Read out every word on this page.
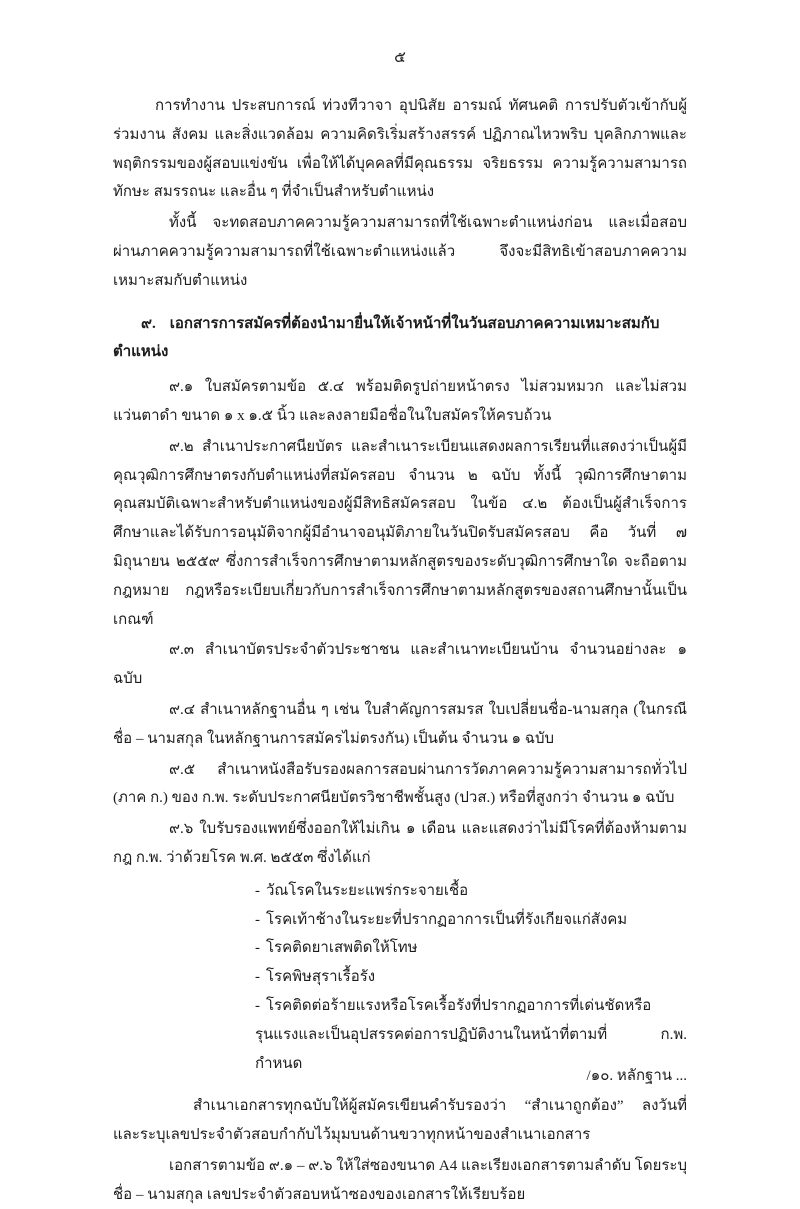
๕

การทำงาน ประสบการณ์ ท่วงทีวาจา อุปนิสัย อารมณ์ ทัศนคติ การปรับตัวเข้ากับผู้ร่วมงาน สังคม และสิ่งแวดล้อม ความคิดริเริ่มสร้างสรรค์ ปฏิภาณไหวพริบ บุคลิกภาพและพฤติกรรมของผู้สอบแข่งขัน เพื่อให้ได้บุคคลที่มีคุณธรรม จริยธรรม ความรู้ความสามารถ ทักษะ สมรรถนะ และอื่น ๆ ที่จำเป็นสำหรับตำแหน่ง

ทั้งนี้ จะทดสอบภาคความรู้ความสามารถที่ใช้เฉพาะตำแหน่งก่อน และเมื่อสอบผ่านภาคความรู้ความสามารถที่ใช้เฉพาะตำแหน่งแล้ว จึงจะมีสิทธิเข้าสอบภาคความเหมาะสมกับตำแหน่ง

๙. เอกสารการสมัครที่ต้องนำมายื่นให้เจ้าหน้าที่ในวันสอบภาคความเหมาะสมกับตำแหน่ง

๙.๑ ใบสมัครตามข้อ ๕.๔ พร้อมติดรูปถ่ายหน้าตรง ไม่สวมหมวก และไม่สวมแว่นตาดำ ขนาด ๑ x ๑.๕ นิ้ว และลงลายมือชื่อในใบสมัครให้ครบถ้วน

๙.๒ สำเนาประกาศนียบัตร และสำเนาระเบียนแสดงผลการเรียนที่แสดงว่าเป็นผู้มีคุณวุฒิการศึกษาตรงกับตำแหน่งที่สมัครสอบ จำนวน ๒ ฉบับ ทั้งนี้ วุฒิการศึกษาตามคุณสมบัติเฉพาะสำหรับตำแหน่งของผู้มีสิทธิสมัครสอบ ในข้อ ๔.๒ ต้องเป็นผู้สำเร็จการศึกษาและได้รับการอนุมัติจากผู้มีอำนาจอนุมัติภายในวันปิดรับสมัครสอบ คือ วันที่ ๗ มิถุนายน ๒๕๕๙ ซึ่งการสำเร็จการศึกษาตามหลักสูตรของระดับวุฒิการศึกษาใด จะถือตามกฎหมาย กฎหรือระเบียบเกี่ยวกับการสำเร็จการศึกษาตามหลักสูตรของสถานศึกษานั้นเป็นเกณฑ์

๙.๓ สำเนาบัตรประจำตัวประชาชน และสำเนาทะเบียนบ้าน จำนวนอย่างละ ๑ ฉบับ

๙.๔ สำเนาหลักฐานอื่น ๆ เช่น ใบสำคัญการสมรส ใบเปลี่ยนชื่อ-นามสกุล (ในกรณี ชื่อ – นามสกุล ในหลักฐานการสมัครไม่ตรงกัน) เป็นต้น จำนวน ๑ ฉบับ

๙.๕ สำเนาหนังสือรับรองผลการสอบผ่านการวัดภาคความรู้ความสามารถทั่วไป (ภาค ก.) ของ ก.พ. ระดับประกาศนียบัตรวิชาชีพชั้นสูง (ปวส.) หรือที่สูงกว่า จำนวน ๑ ฉบับ

๙.๖ ใบรับรองแพทย์ซึ่งออกให้ไม่เกิน ๑ เดือน และแสดงว่าไม่มีโรคที่ต้องห้ามตามกฎ ก.พ. ว่าด้วยโรค พ.ศ. ๒๕๕๓ ซึ่งได้แก่

- วัณโรคในระยะแพร่กระจายเชื้อ
- โรคเท้าช้างในระยะที่ปรากฏอาการเป็นที่รังเกียจแก่สังคม
- โรคติดยาเสพติดให้โทษ
- โรคพิษสุราเรื้อรัง
- โรคติดต่อร้ายแรงหรือโรคเรื้อรังที่ปรากฏอาการที่เด่นชัดหรือรุนแรงและเป็นอุปสรรคต่อการปฏิบัติงานในหน้าที่ตามที่ ก.พ. กำหนด

สำเนาเอกสารทุกฉบับให้ผู้สมัครเขียนคำรับรองว่า “สำเนาถูกต้อง” ลงวันที่ และระบุเลขประจำตัวสอบกำกับไว้มุมบนด้านขวาทุกหน้าของสำเนาเอกสาร

เอกสารตามข้อ ๙.๑ – ๙.๖ ให้ใส่ซองขนาด A4 และเรียงเอกสารตามลำดับ โดยระบุชื่อ – นามสกุล เลขประจำตัวสอบหน้าซองของเอกสารให้เรียบร้อย

/๑๐. หลักฐาน ...
